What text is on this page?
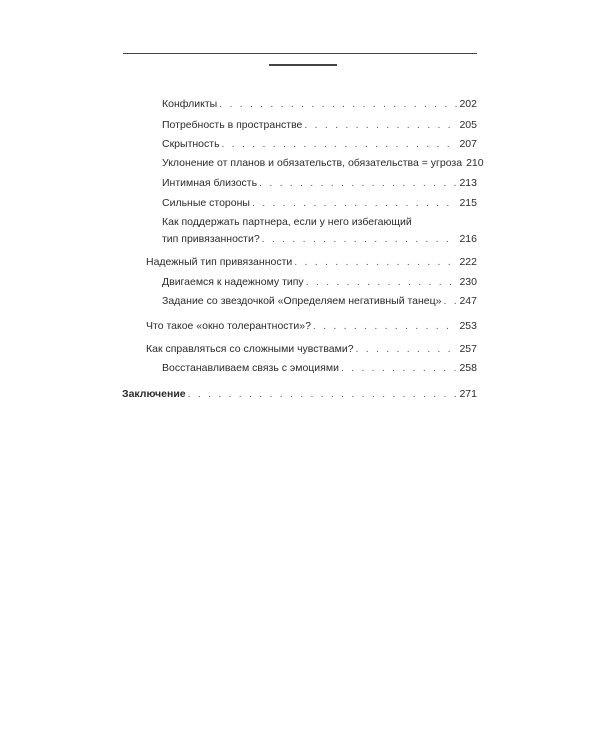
Конфликты . . .	202
Потребность в пространстве . . .	205
Скрытность . . .	207
Уклонение от планов и обязательств, обязательства = угроза 210
Интимная близость . . .	213
Сильные стороны . . .	215
Как поддержать партнера, если у него избегающий
тип привязанности? . . .	216
Надежный тип привязанности . . .	222
Двигаемся к надежному типу . . .	230
Задание со звездочкой «Определяем негативный танец» . . . 247
Что такое «окно толерантности»? . . .	253
Как справляться со сложными чувствами? . . .	257
Восстанавливаем связь с эмоциями . . .	258
Заключение . . .	271
